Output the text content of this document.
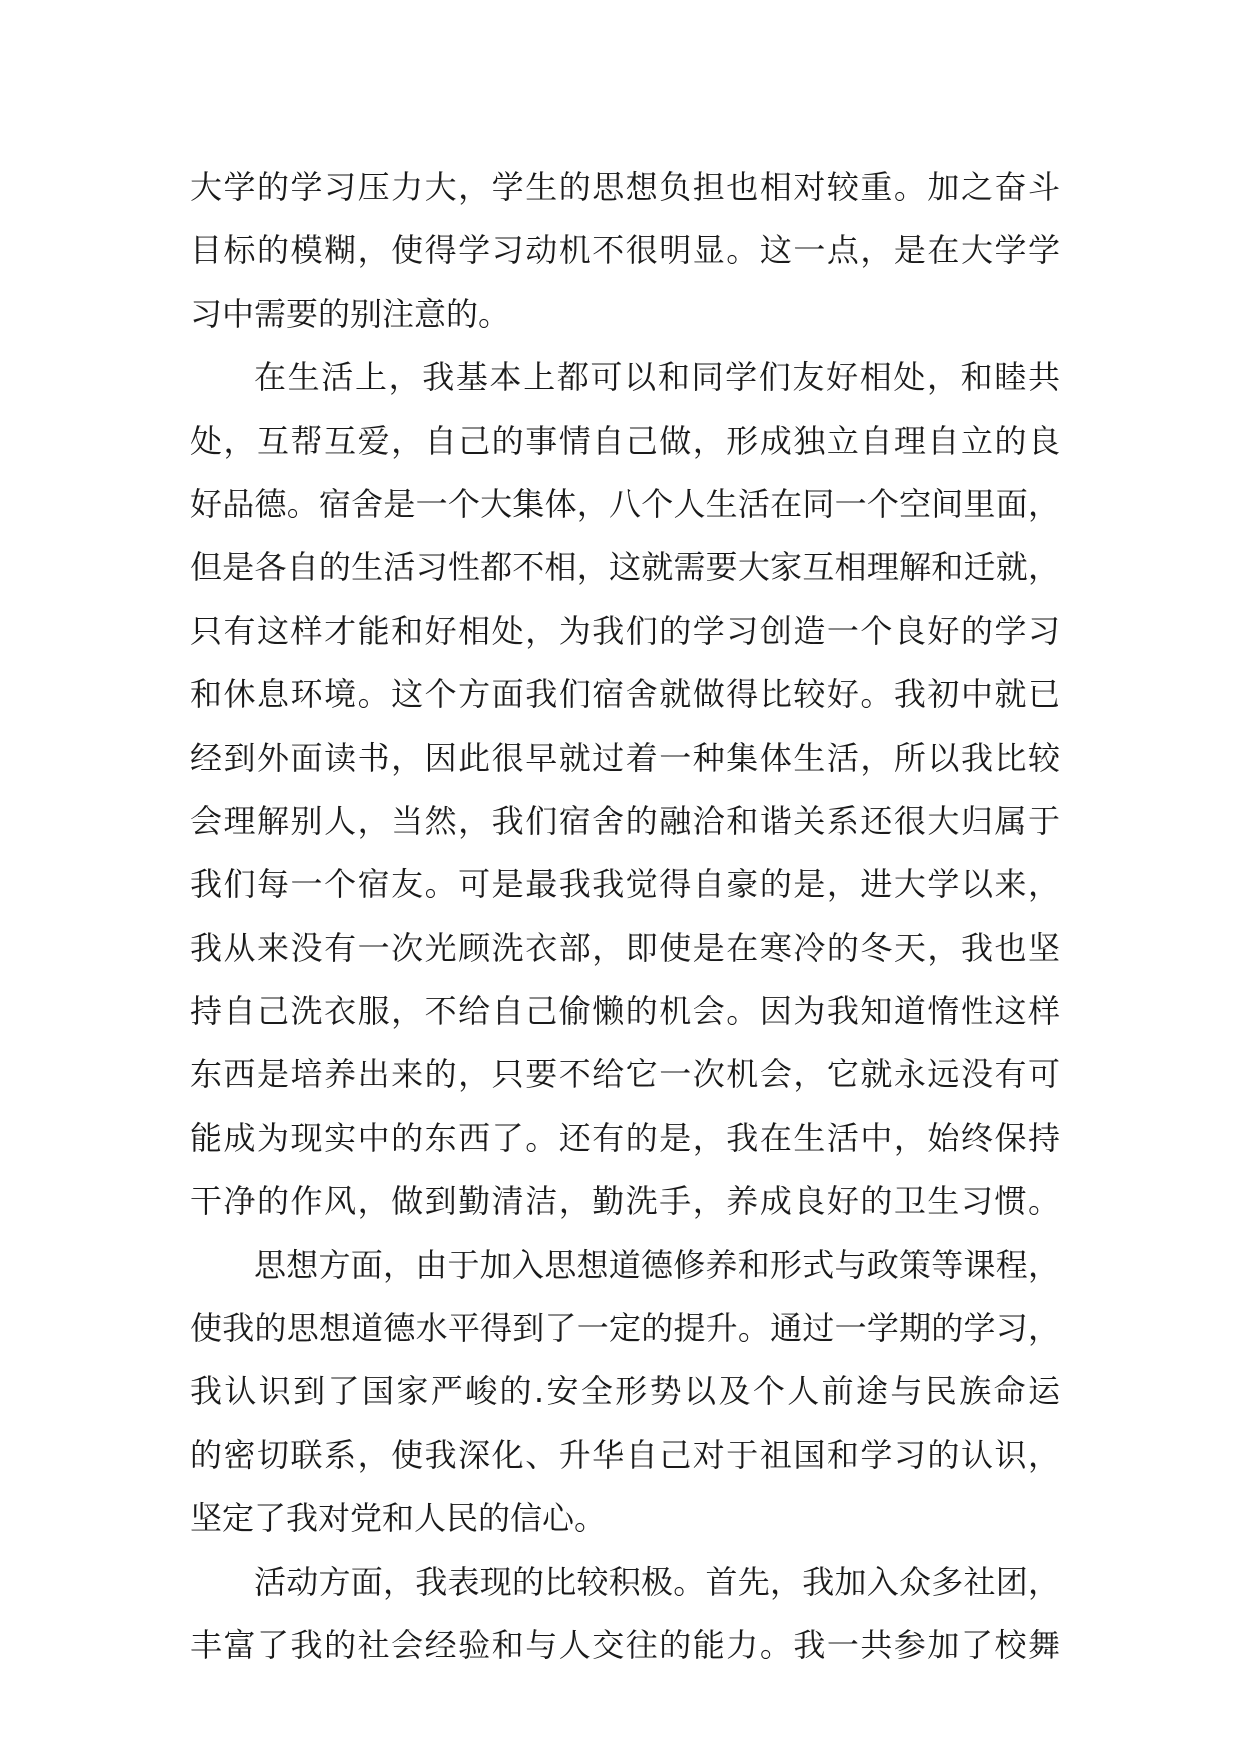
大学的学习压力大，学生的思想负担也相对较重。加之奋斗
目标的模糊，使得学习动机不很明显。这一点，是在大学学
习中需要的别注意的。
在生活上，我基本上都可以和同学们友好相处，和睦共
处，互帮互爱，自己的事情自己做，形成独立自理自立的良
好品德。宿舍是一个大集体，八个人生活在同一个空间里面，
但是各自的生活习性都不相，这就需要大家互相理解和迁就，
只有这样才能和好相处，为我们的学习创造一个良好的学习
和休息环境。这个方面我们宿舍就做得比较好。我初中就已
经到外面读书，因此很早就过着一种集体生活，所以我比较
会理解别人，当然，我们宿舍的融洽和谐关系还很大归属于
我们每一个宿友。可是最我我觉得自豪的是，进大学以来，
我从来没有一次光顾洗衣部，即使是在寒冷的冬天，我也坚
持自己洗衣服，不给自己偷懒的机会。因为我知道惰性这样
东西是培养出来的，只要不给它一次机会，它就永远没有可
能成为现实中的东西了。还有的是，我在生活中，始终保持
干净的作风，做到勤清洁，勤洗手，养成良好的卫生习惯。
思想方面，由于加入思想道德修养和形式与政策等课程，
使我的思想道德水平得到了一定的提升。通过一学期的学习，
我认识到了国家严峻的.安全形势以及个人前途与民族命运
的密切联系，使我深化、升华自己对于祖国和学习的认识，
坚定了我对党和人民的信心。
活动方面，我表现的比较积极。首先，我加入众多社团，
丰富了我的社会经验和与人交往的能力。我一共参加了校舞
